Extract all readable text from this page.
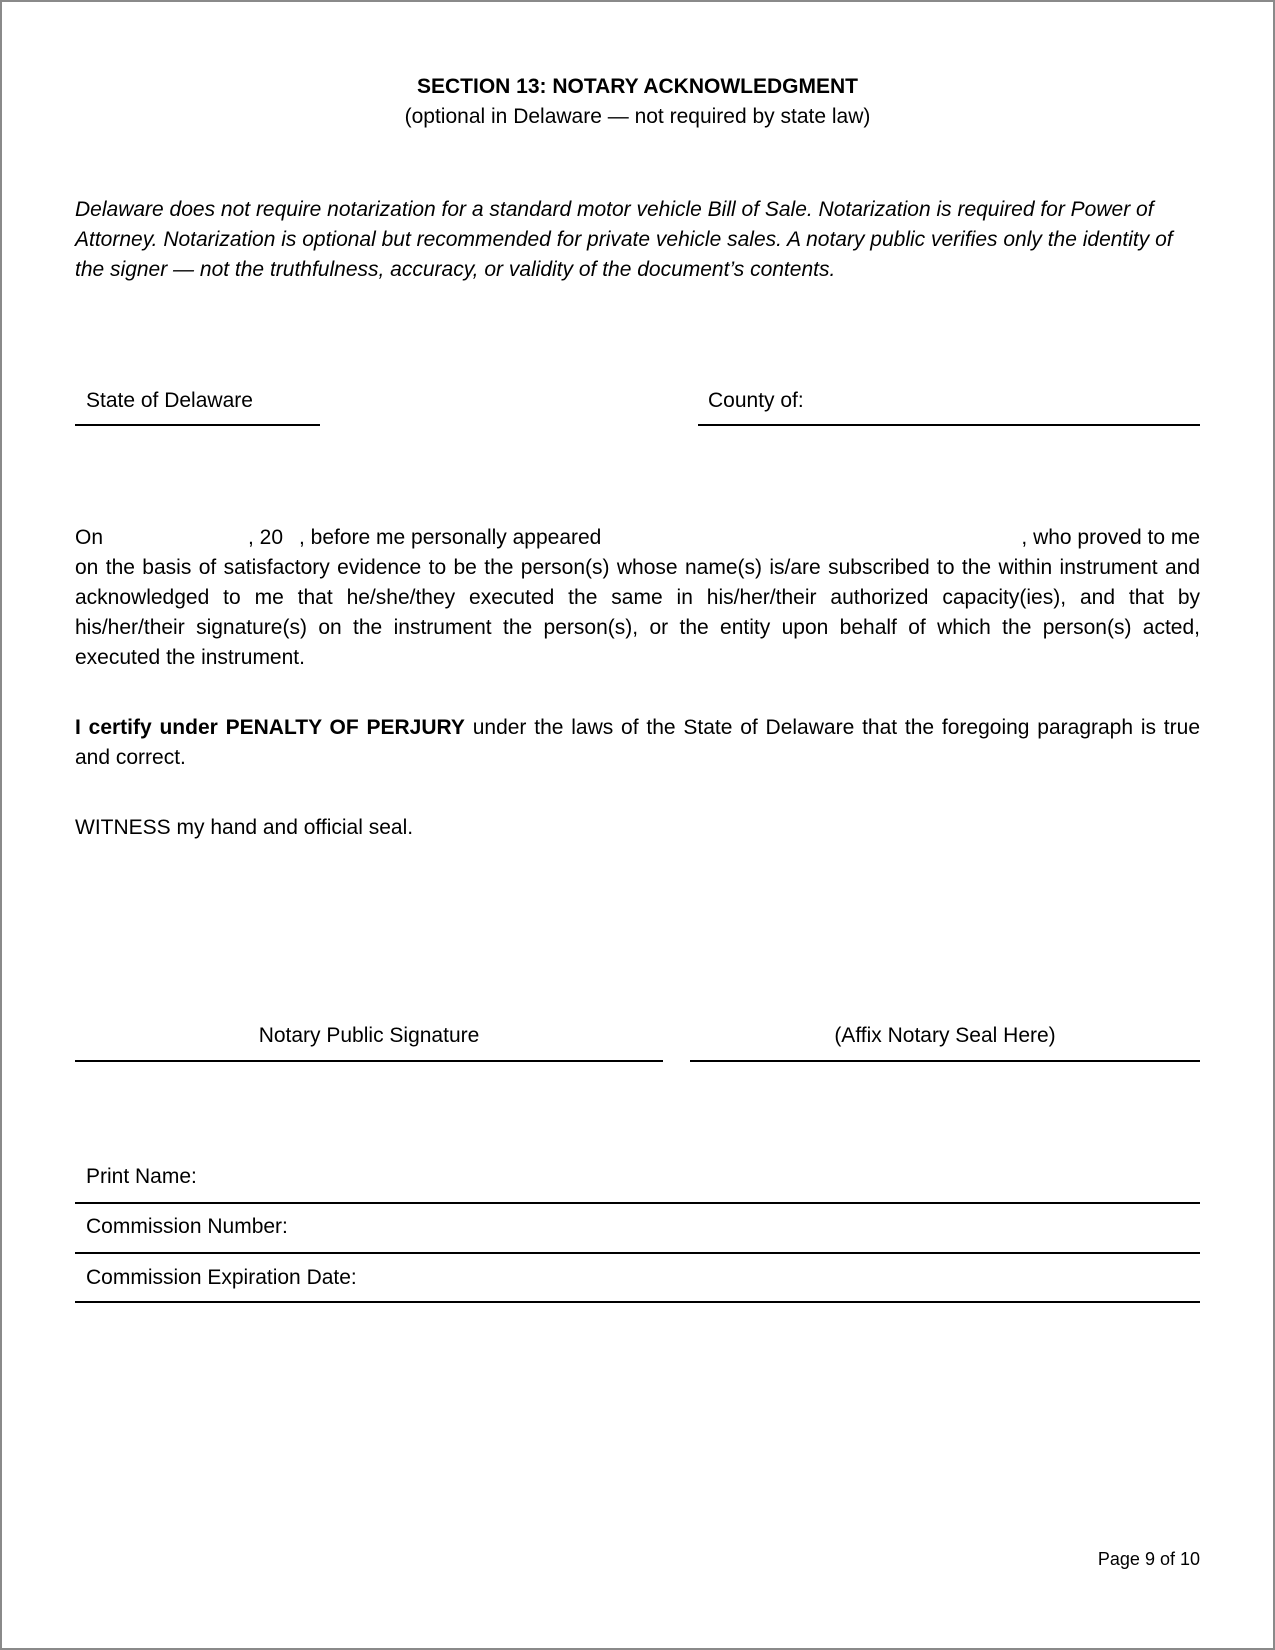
SECTION 13: NOTARY ACKNOWLEDGMENT
(optional in Delaware — not required by state law)
Delaware does not require notarization for a standard motor vehicle Bill of Sale. Notarization is required for Power of Attorney. Notarization is optional but recommended for private vehicle sales. A notary public verifies only the identity of the signer — not the truthfulness, accuracy, or validity of the document’s contents.
State of Delaware	County of:
On	, 20 , before me personally appeared	, who proved to me
on the basis of satisfactory evidence to be the person(s) whose name(s) is/are subscribed to the within instrument and acknowledged to me that he/she/they executed the same in his/her/their authorized capacity(ies), and that by his/her/their signature(s) on the instrument the person(s), or the entity upon behalf of which the person(s) acted, executed the instrument.
I certify under PENALTY OF PERJURY under the laws of the State of Delaware that the foregoing paragraph is true and correct.
WITNESS my hand and official seal.
Notary Public Signature	(Affix Notary Seal Here)
Print Name:
Commission Number:
Commission Expiration Date:
Page 9 of 10
